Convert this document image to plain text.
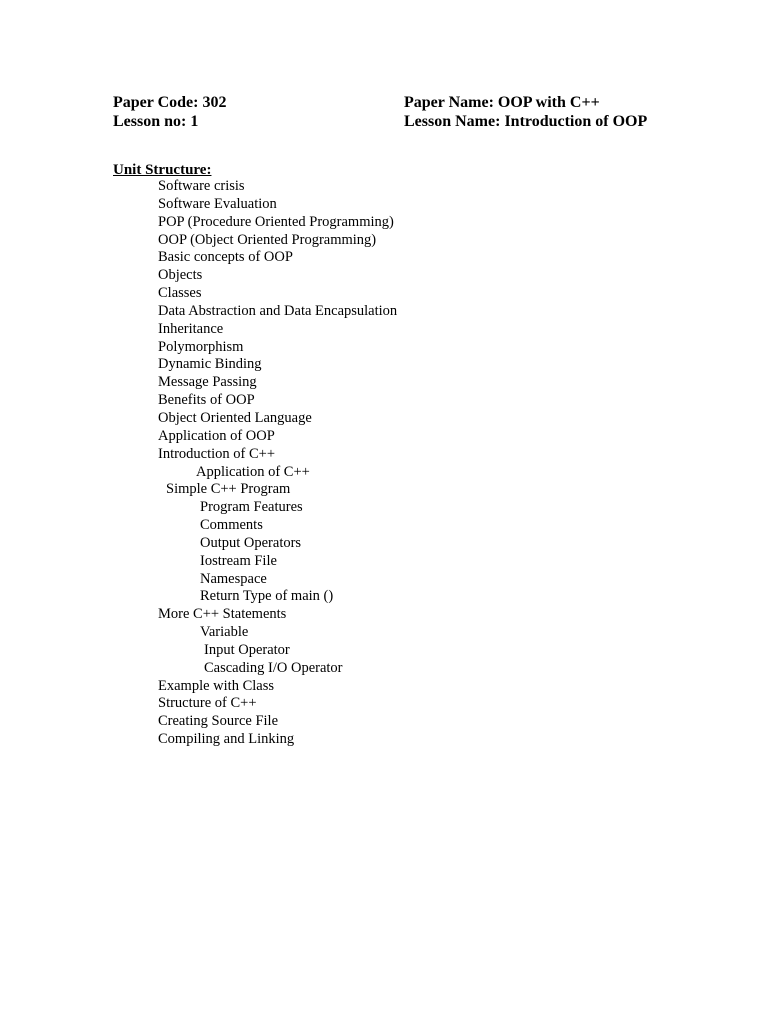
Paper Code: 302	Paper Name: OOP with C++
Lesson no: 1	Lesson Name: Introduction of OOP
Unit Structure:
Software crisis
Software Evaluation
POP (Procedure Oriented Programming)
OOP (Object Oriented Programming)
Basic concepts of OOP
Objects
Classes
Data Abstraction and Data Encapsulation
Inheritance
Polymorphism
Dynamic Binding
Message Passing
Benefits of OOP
Object Oriented Language
Application of OOP
Introduction of C++
Application of C++
Simple C++ Program
Program Features
Comments
Output Operators
Iostream File
Namespace
Return Type of main ()
More C++ Statements
Variable
Input Operator
Cascading I/O Operator
Example with Class
Structure of C++
Creating Source File
Compiling and Linking
